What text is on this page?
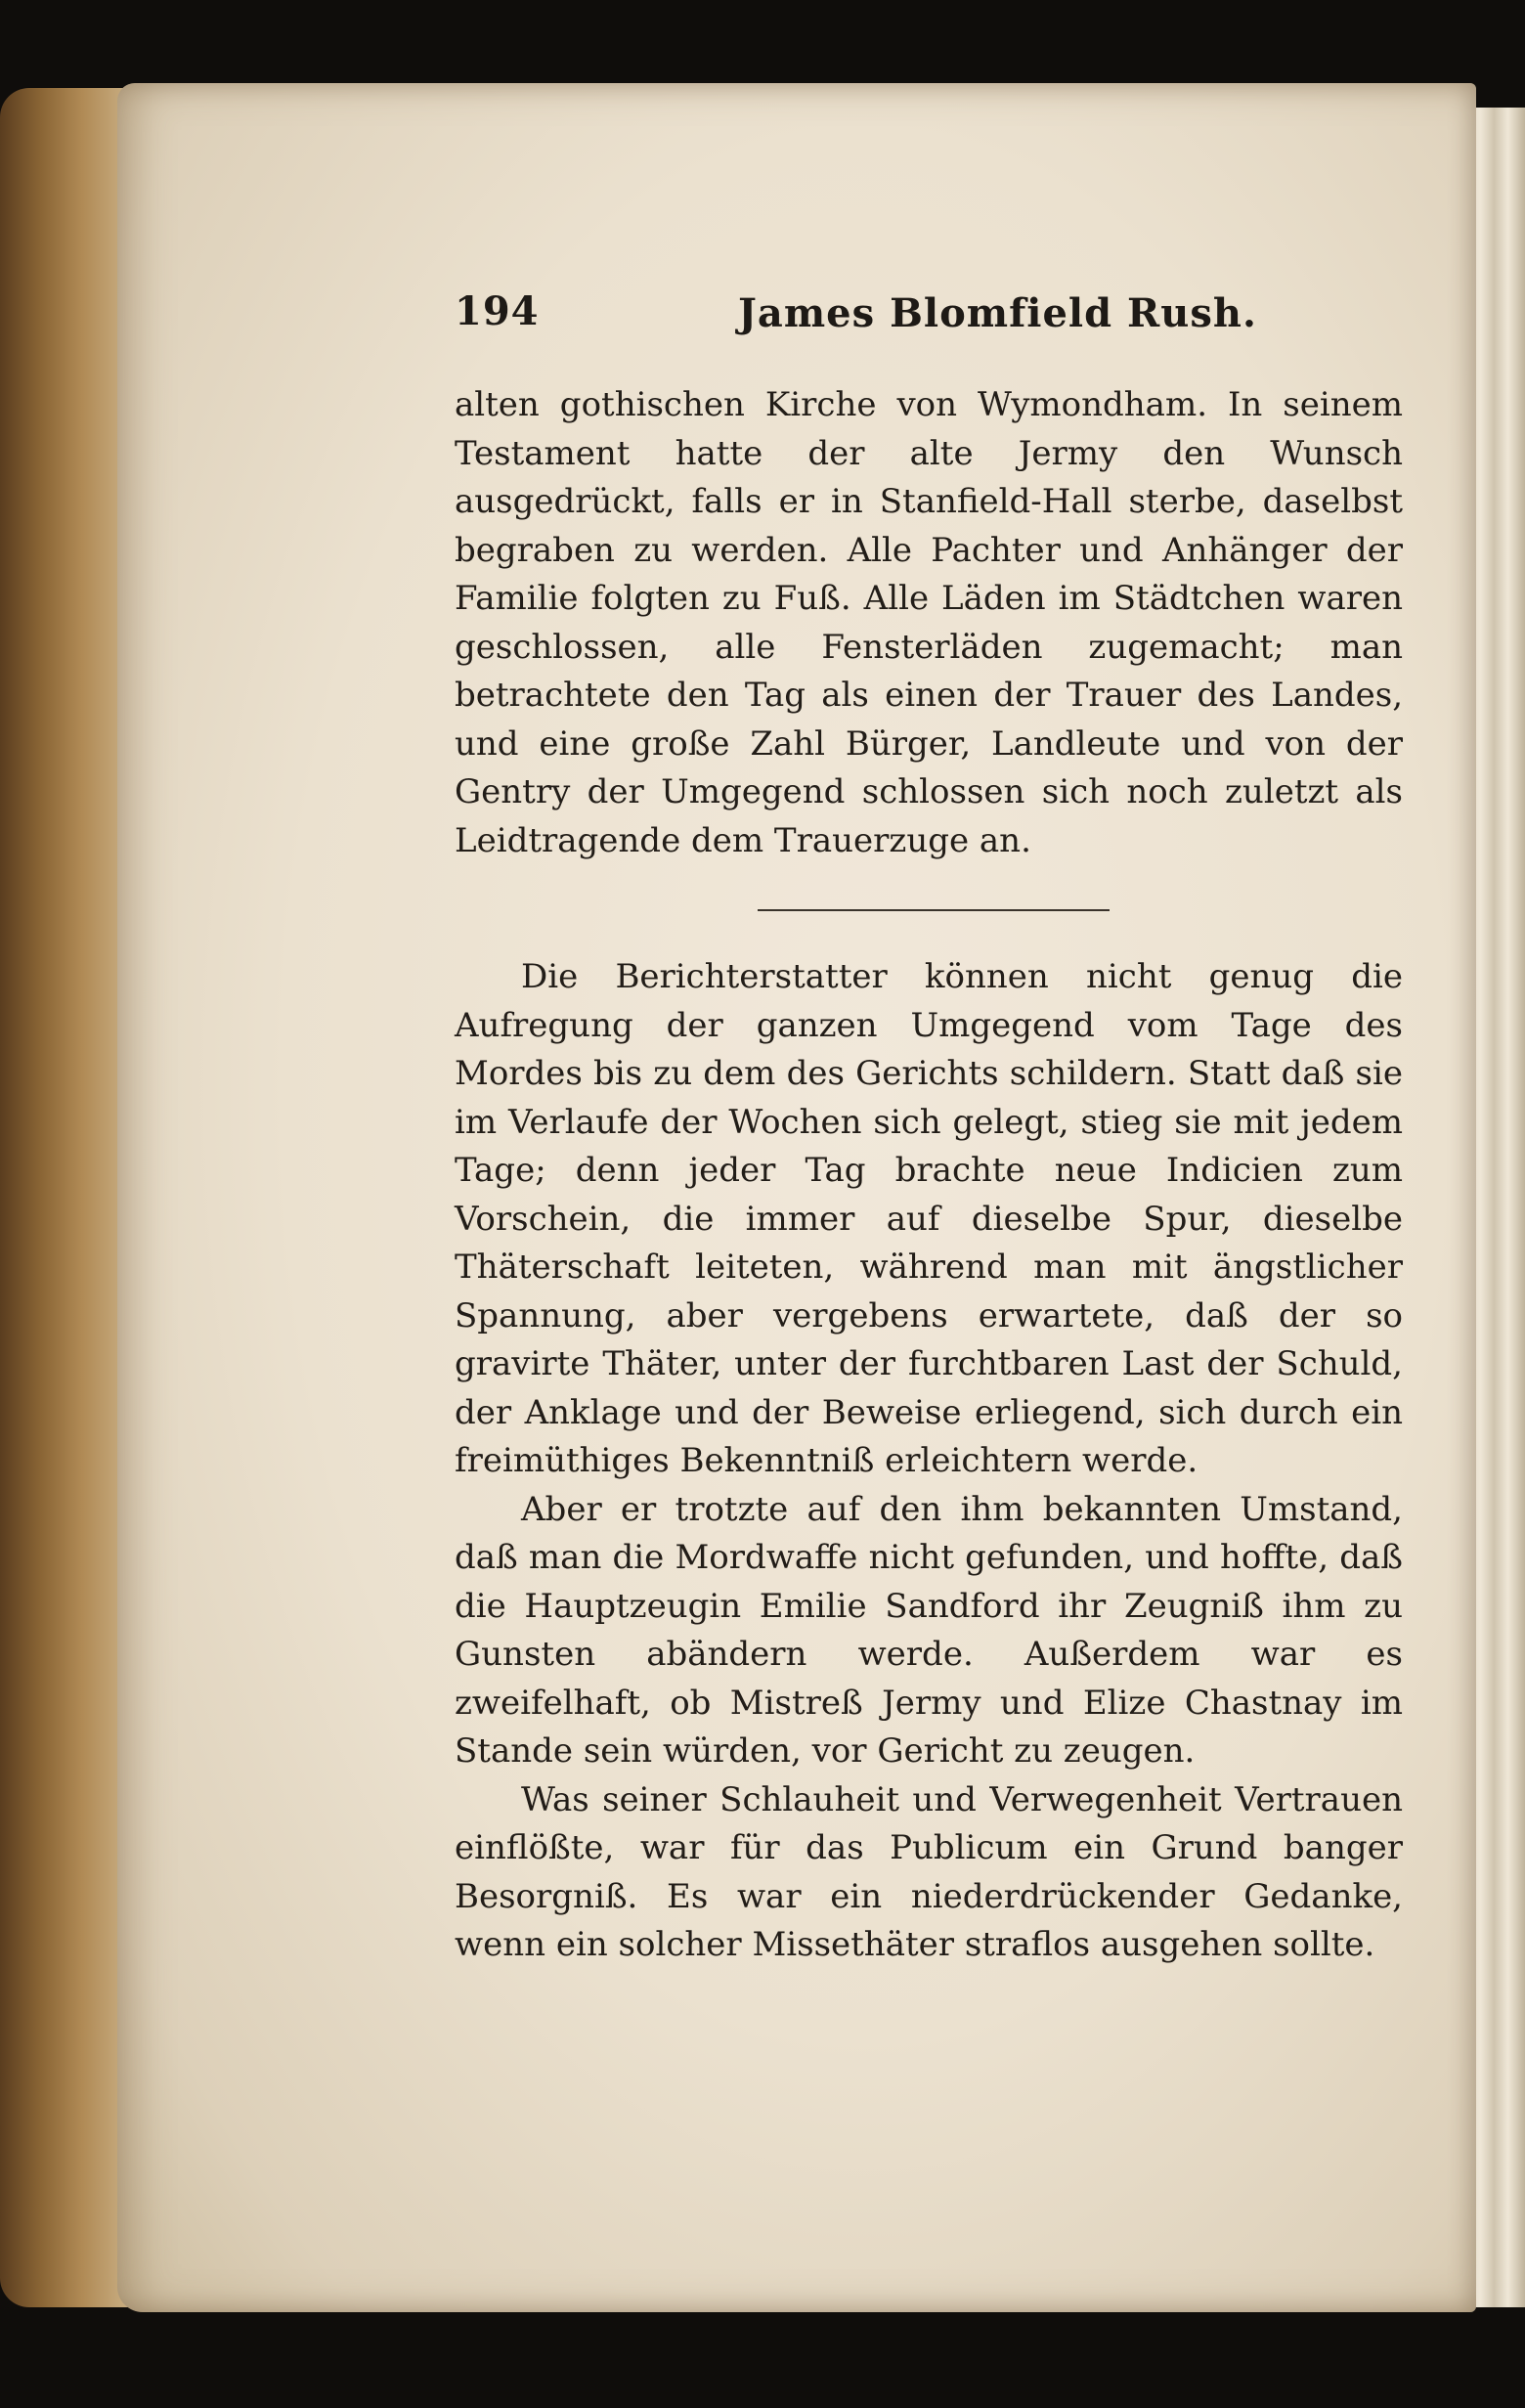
194	James Blomfield Rush.

alten gothischen Kirche von Wymondham. In seinem Testament hatte der alte Jermy den Wunsch ausgedrückt, falls er in Stanfield-Hall sterbe, daselbst begraben zu werden. Alle Pachter und Anhänger der Familie folgten zu Fuß. Alle Läden im Städtchen waren geschlossen, alle Fensterläden zugemacht; man betrachtete den Tag als einen der Trauer des Landes, und eine große Zahl Bürger, Landleute und von der Gentry der Umgegend schlossen sich noch zuletzt als Leidtragende dem Trauerzuge an.

Die Berichterstatter können nicht genug die Aufregung der ganzen Umgegend vom Tage des Mordes bis zu dem des Gerichts schildern. Statt daß sie im Verlaufe der Wochen sich gelegt, stieg sie mit jedem Tage; denn jeder Tag brachte neue Indicien zum Vorschein, die immer auf dieselbe Spur, dieselbe Thäterschaft leiteten, während man mit ängstlicher Spannung, aber vergebens erwartete, daß der so gravirte Thäter, unter der furchtbaren Last der Schuld, der Anklage und der Beweise erliegend, sich durch ein freimüthiges Bekenntniß erleichtern werde.

Aber er trotzte auf den ihm bekannten Umstand, daß man die Mordwaffe nicht gefunden, und hoffte, daß die Hauptzeugin Emilie Sandford ihr Zeugniß ihm zu Gunsten abändern werde. Außerdem war es zweifelhaft, ob Mistreß Jermy und Elize Chastnay im Stande sein würden, vor Gericht zu zeugen.

Was seiner Schlauheit und Verwegenheit Vertrauen einflößte, war für das Publicum ein Grund banger Besorgniß. Es war ein niederdrückender Gedanke, wenn ein solcher Missethäter straflos ausgehen sollte.
